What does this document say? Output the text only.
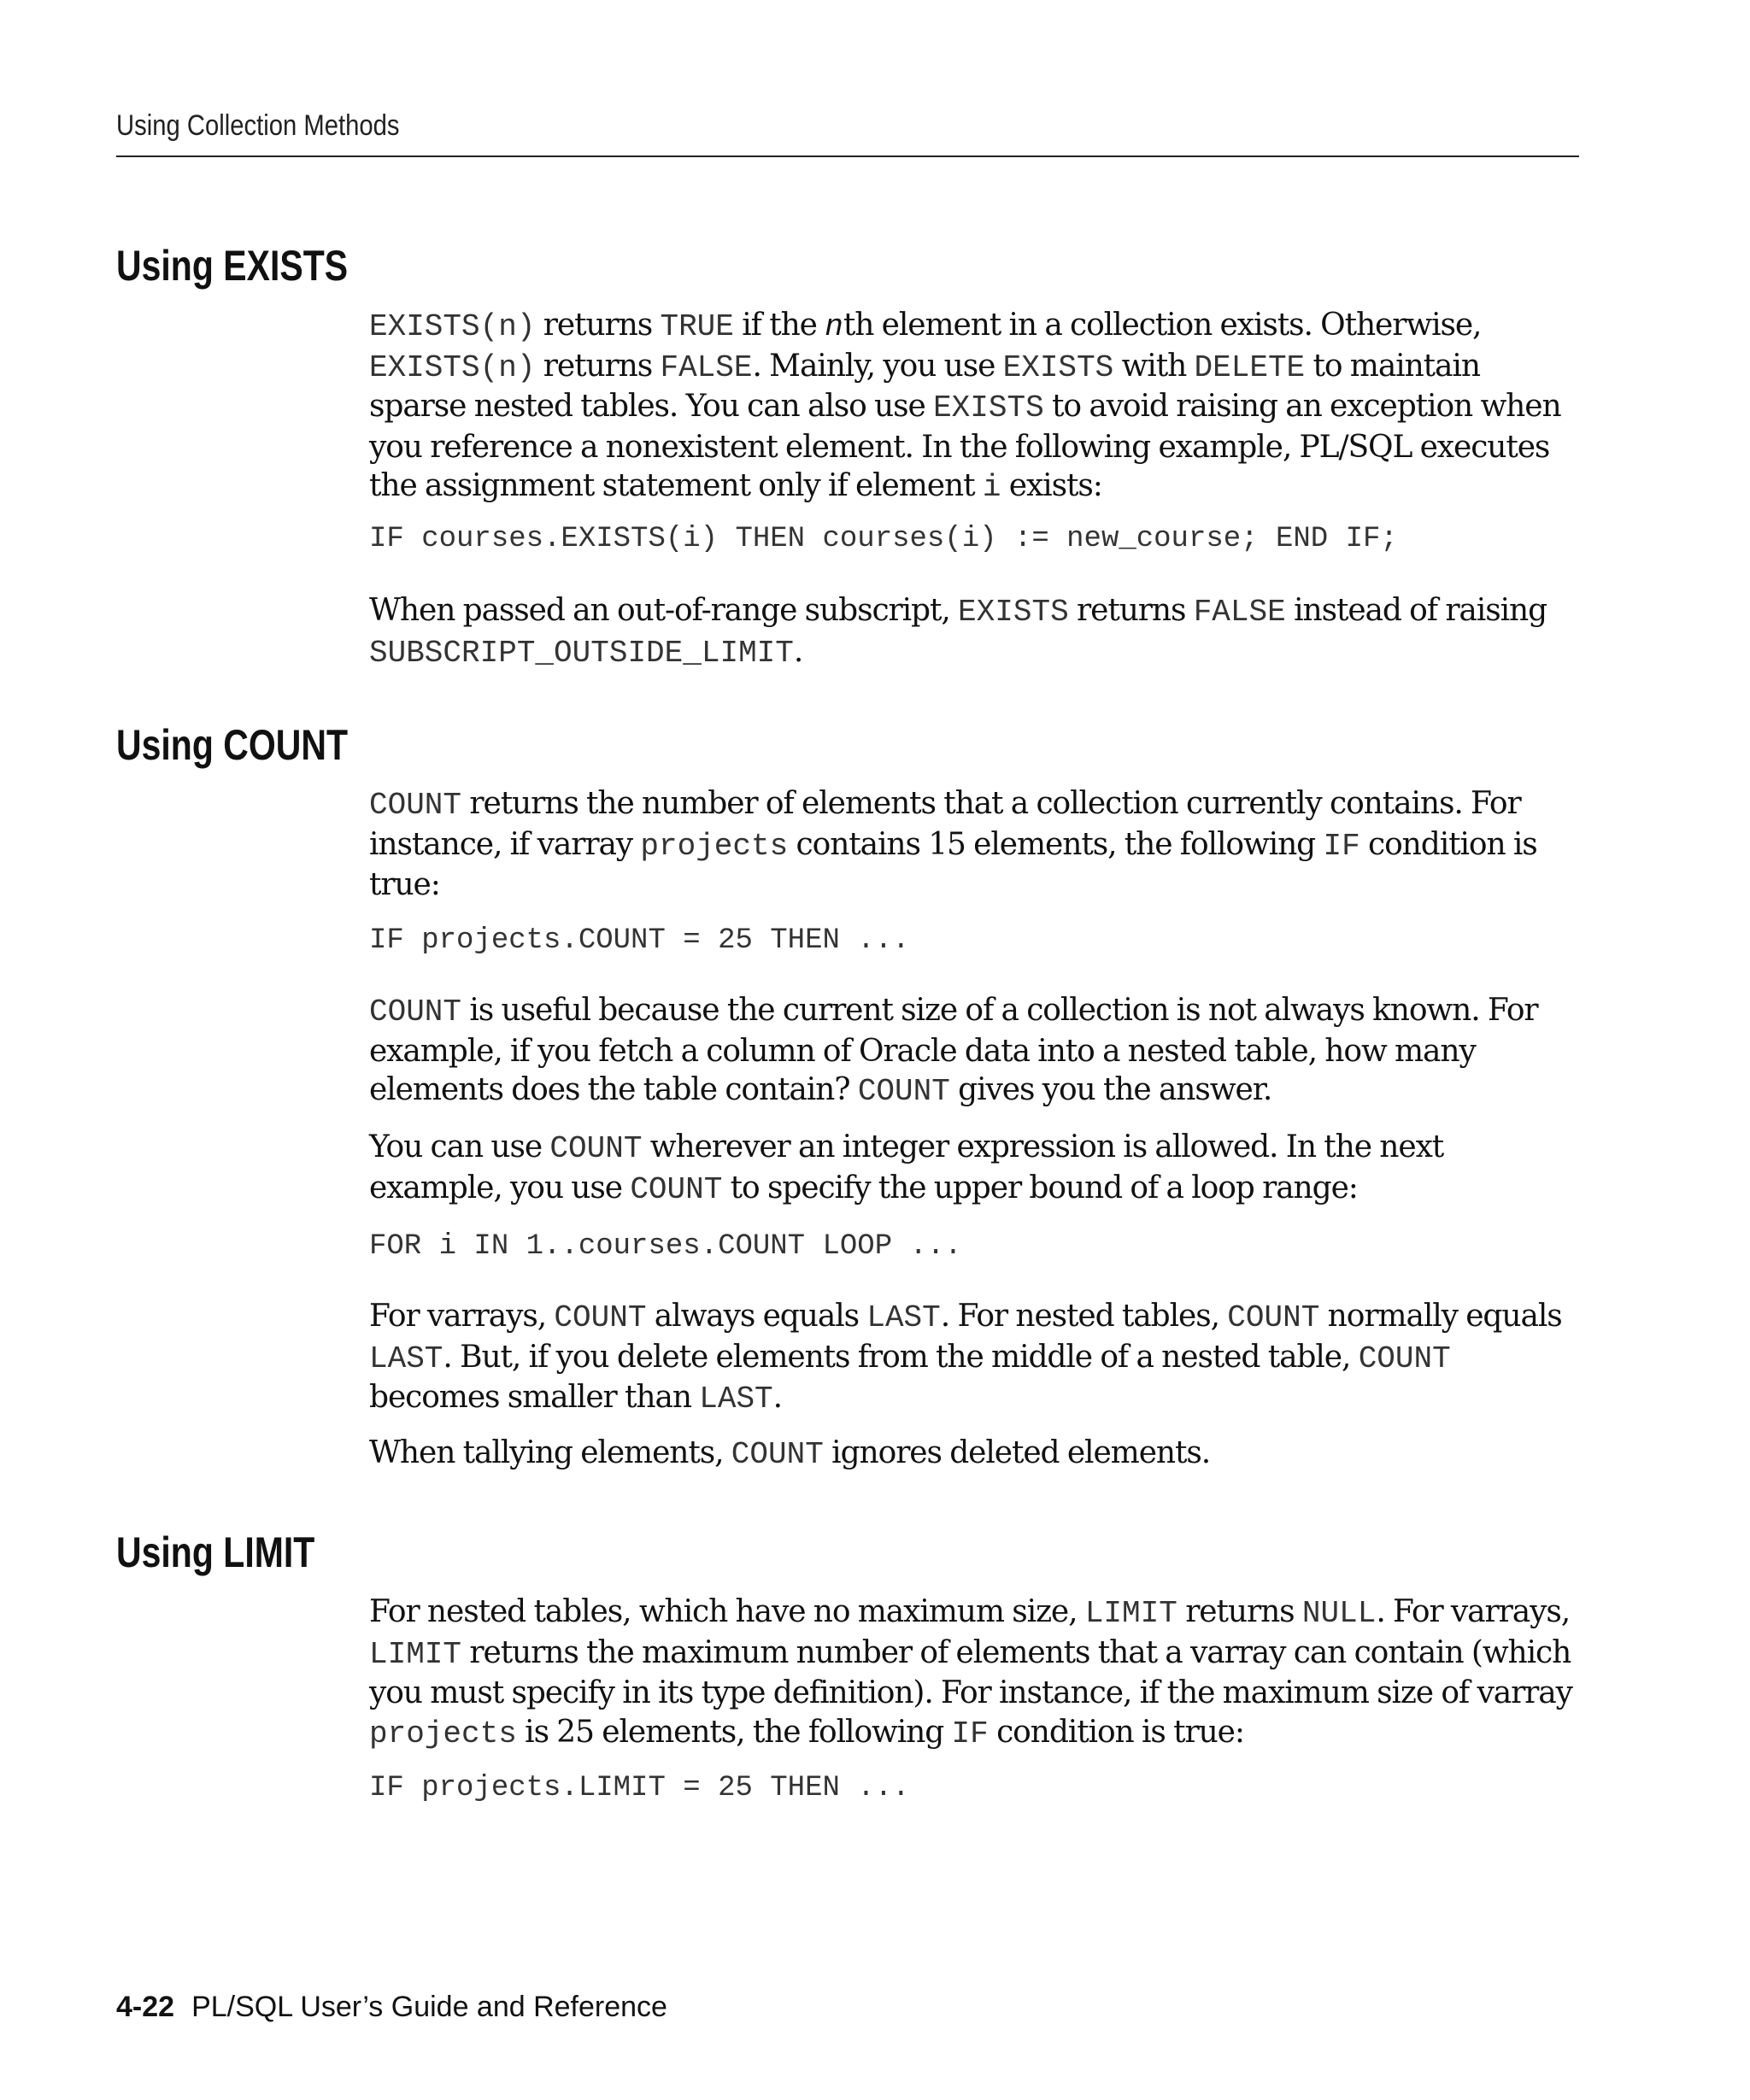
Using Collection Methods
Using EXISTS

EXISTS(n) returns TRUE if the nth element in a collection exists. Otherwise, EXISTS(n) returns FALSE. Mainly, you use EXISTS with DELETE to maintain sparse nested tables. You can also use EXISTS to avoid raising an exception when you reference a nonexistent element. In the following example, PL/SQL executes the assignment statement only if element i exists:

IF courses.EXISTS(i) THEN courses(i) := new_course; END IF;

When passed an out-of-range subscript, EXISTS returns FALSE instead of raising SUBSCRIPT_OUTSIDE_LIMIT.

Using COUNT

COUNT returns the number of elements that a collection currently contains. For instance, if varray projects contains 15 elements, the following IF condition is true:

IF projects.COUNT = 25 THEN ...

COUNT is useful because the current size of a collection is not always known. For example, if you fetch a column of Oracle data into a nested table, how many elements does the table contain? COUNT gives you the answer.

You can use COUNT wherever an integer expression is allowed. In the next example, you use COUNT to specify the upper bound of a loop range:

FOR i IN 1..courses.COUNT LOOP ...

For varrays, COUNT always equals LAST. For nested tables, COUNT normally equals LAST. But, if you delete elements from the middle of a nested table, COUNT becomes smaller than LAST.

When tallying elements, COUNT ignores deleted elements.

Using LIMIT

For nested tables, which have no maximum size, LIMIT returns NULL. For varrays, LIMIT returns the maximum number of elements that a varray can contain (which you must specify in its type definition). For instance, if the maximum size of varray projects is 25 elements, the following IF condition is true:

IF projects.LIMIT = 25 THEN ...
4-22 PL/SQL User’s Guide and Reference
